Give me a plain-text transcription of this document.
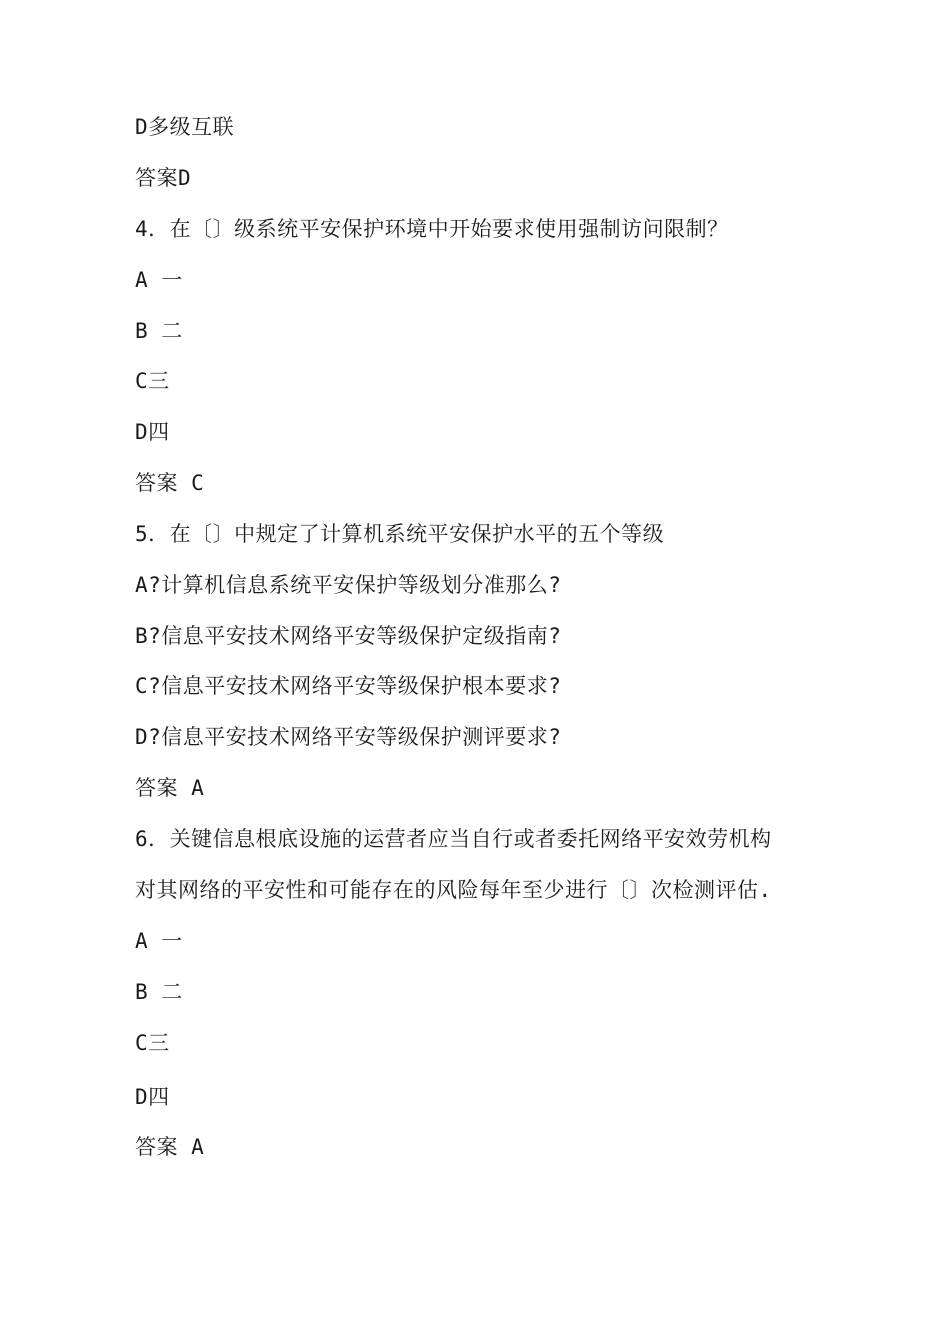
D多级互联
答案D
4．在〔〕级系统平安保护环境中开始要求使用强制访问限制？
A 一
B 二
C三
D四
答案 C
5．在〔〕中规定了计算机系统平安保护水平的五个等级
A?计算机信息系统平安保护等级划分准那么?
B?信息平安技术网络平安等级保护定级指南?
C?信息平安技术网络平安等级保护根本要求?
D?信息平安技术网络平安等级保护测评要求?
答案 A
6．关键信息根底设施的运营者应当自行或者委托网络平安效劳机构
对其网络的平安性和可能存在的风险每年至少进行〔〕次检测评估.
A 一
B 二
C三
D四
答案 A
